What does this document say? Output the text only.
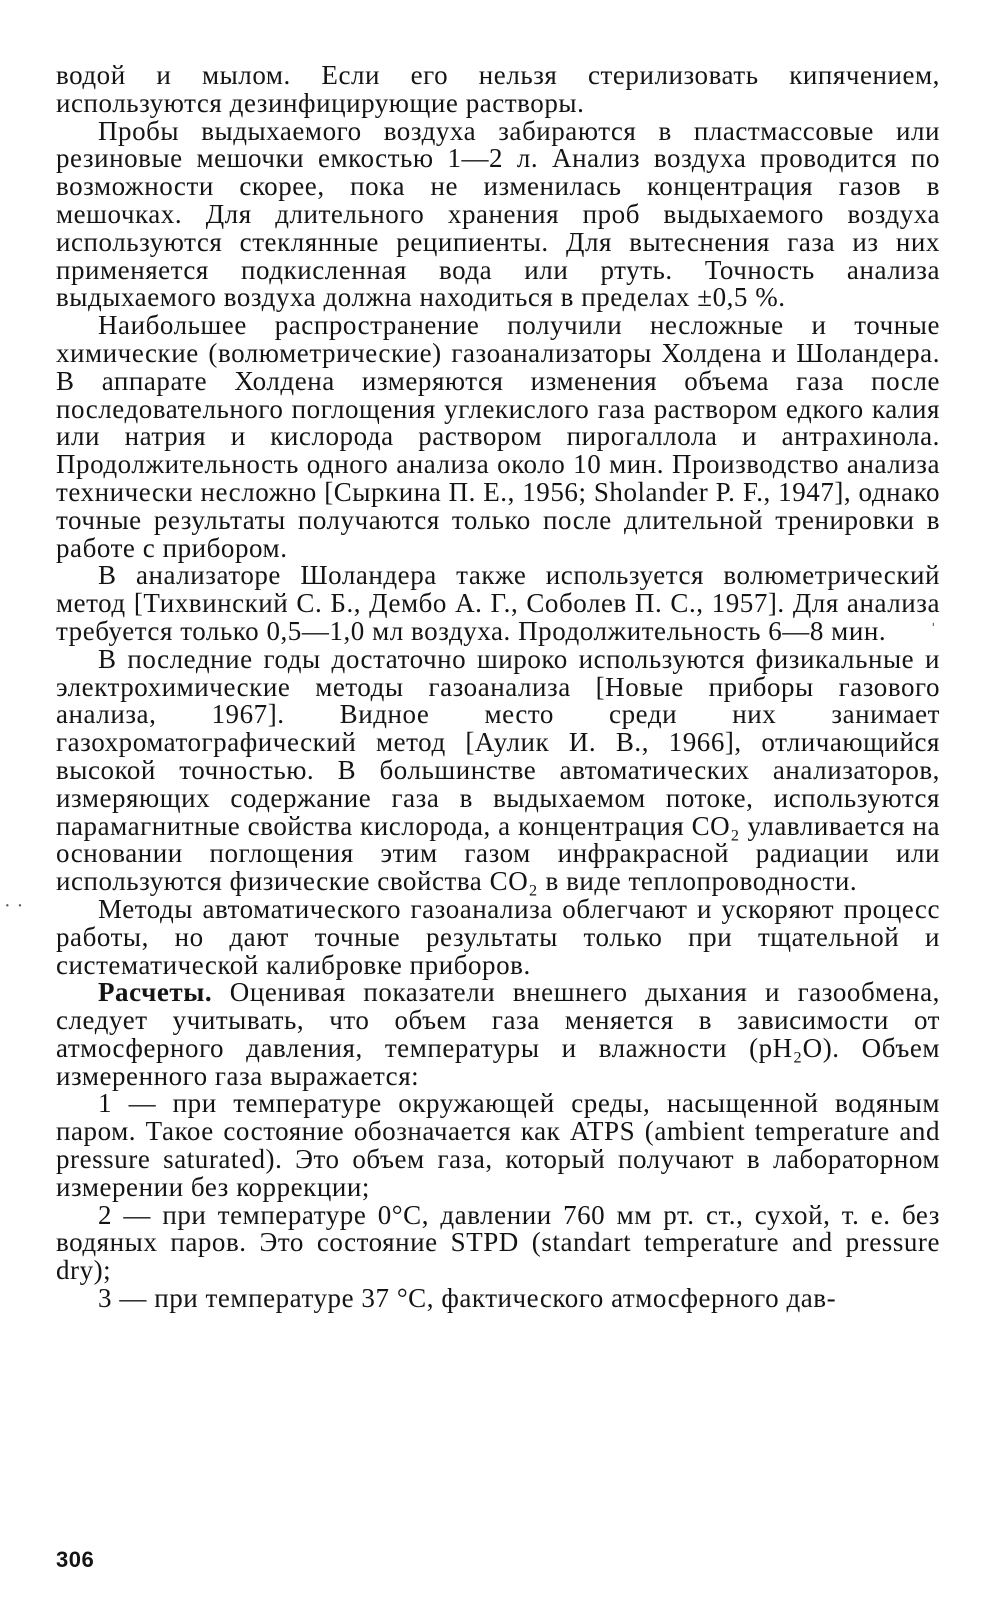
водой и мылом. Если его нельзя стерилизовать кипячением, используются дезинфицирующие растворы.

Пробы выдыхаемого воздуха забираются в пластмассовые или резиновые мешочки емкостью 1—2 л. Анализ воздуха проводится по возможности скорее, пока не изменилась концентрация газов в мешочках. Для длительного хранения проб выдыхаемого воздуха используются стеклянные реципиенты. Для вытеснения газа из них применяется подкисленная вода или ртуть. Точность анализа выдыхаемого воздуха должна находиться в пределах ±0,5 %.

Наибольшее распространение получили несложные и точные химические (волюметрические) газоанализаторы Холдена и Шоландера. В аппарате Холдена измеряются изменения объема газа после последовательного поглощения углекислого газа раствором едкого калия или натрия и кислорода раствором пирогаллола и антрахинола. Продолжительность одного анализа около 10 мин. Производство анализа технически несложно [Сыркина П. Е., 1956; Sholander P. F., 1947], однако точные результаты получаются только после длительной тренировки в работе с прибором.

В анализаторе Шоландера также используется волюметрический метод [Тихвинский С. Б., Дембо А. Г., Соболев П. С., 1957]. Для анализа требуется только 0,5—1,0 мл воздуха. Продолжительность 6—8 мин.

В последние годы достаточно широко используются физикальные и электрохимические методы газоанализа [Новые приборы газового анализа, 1967]. Видное место среди них занимает газохроматографический метод [Аулик И. В., 1966], отличающийся высокой точностью. В большинстве автоматических анализаторов, измеряющих содержание газа в выдыхаемом потоке, используются парамагнитные свойства кислорода, а концентрация CO₂ улавливается на основании поглощения этим газом инфракрасной радиации или используются физические свойства CO₂ в виде теплопроводности.

Методы автоматического газоанализа облегчают и ускоряют процесс работы, но дают точные результаты только при тщательной и систематической калибровке приборов.

Расчеты. Оценивая показатели внешнего дыхания и газообмена, следует учитывать, что объем газа меняется в зависимости от атмосферного давления, температуры и влажности (pH₂O). Объем измеренного газа выражается:

1 — при температуре окружающей среды, насыщенной водяным паром. Такое состояние обозначается как ATPS (ambient temperature and pressure saturated). Это объем газа, который получают в лабораторном измерении без коррекции;

2 — при температуре 0°С, давлении 760 мм рт. ст., сухой, т. е. без водяных паров. Это состояние STPD (standart temperature and pressure dry);

3 — при температуре 37 °С, фактического атмосферного дав-

ˈ
··
306
